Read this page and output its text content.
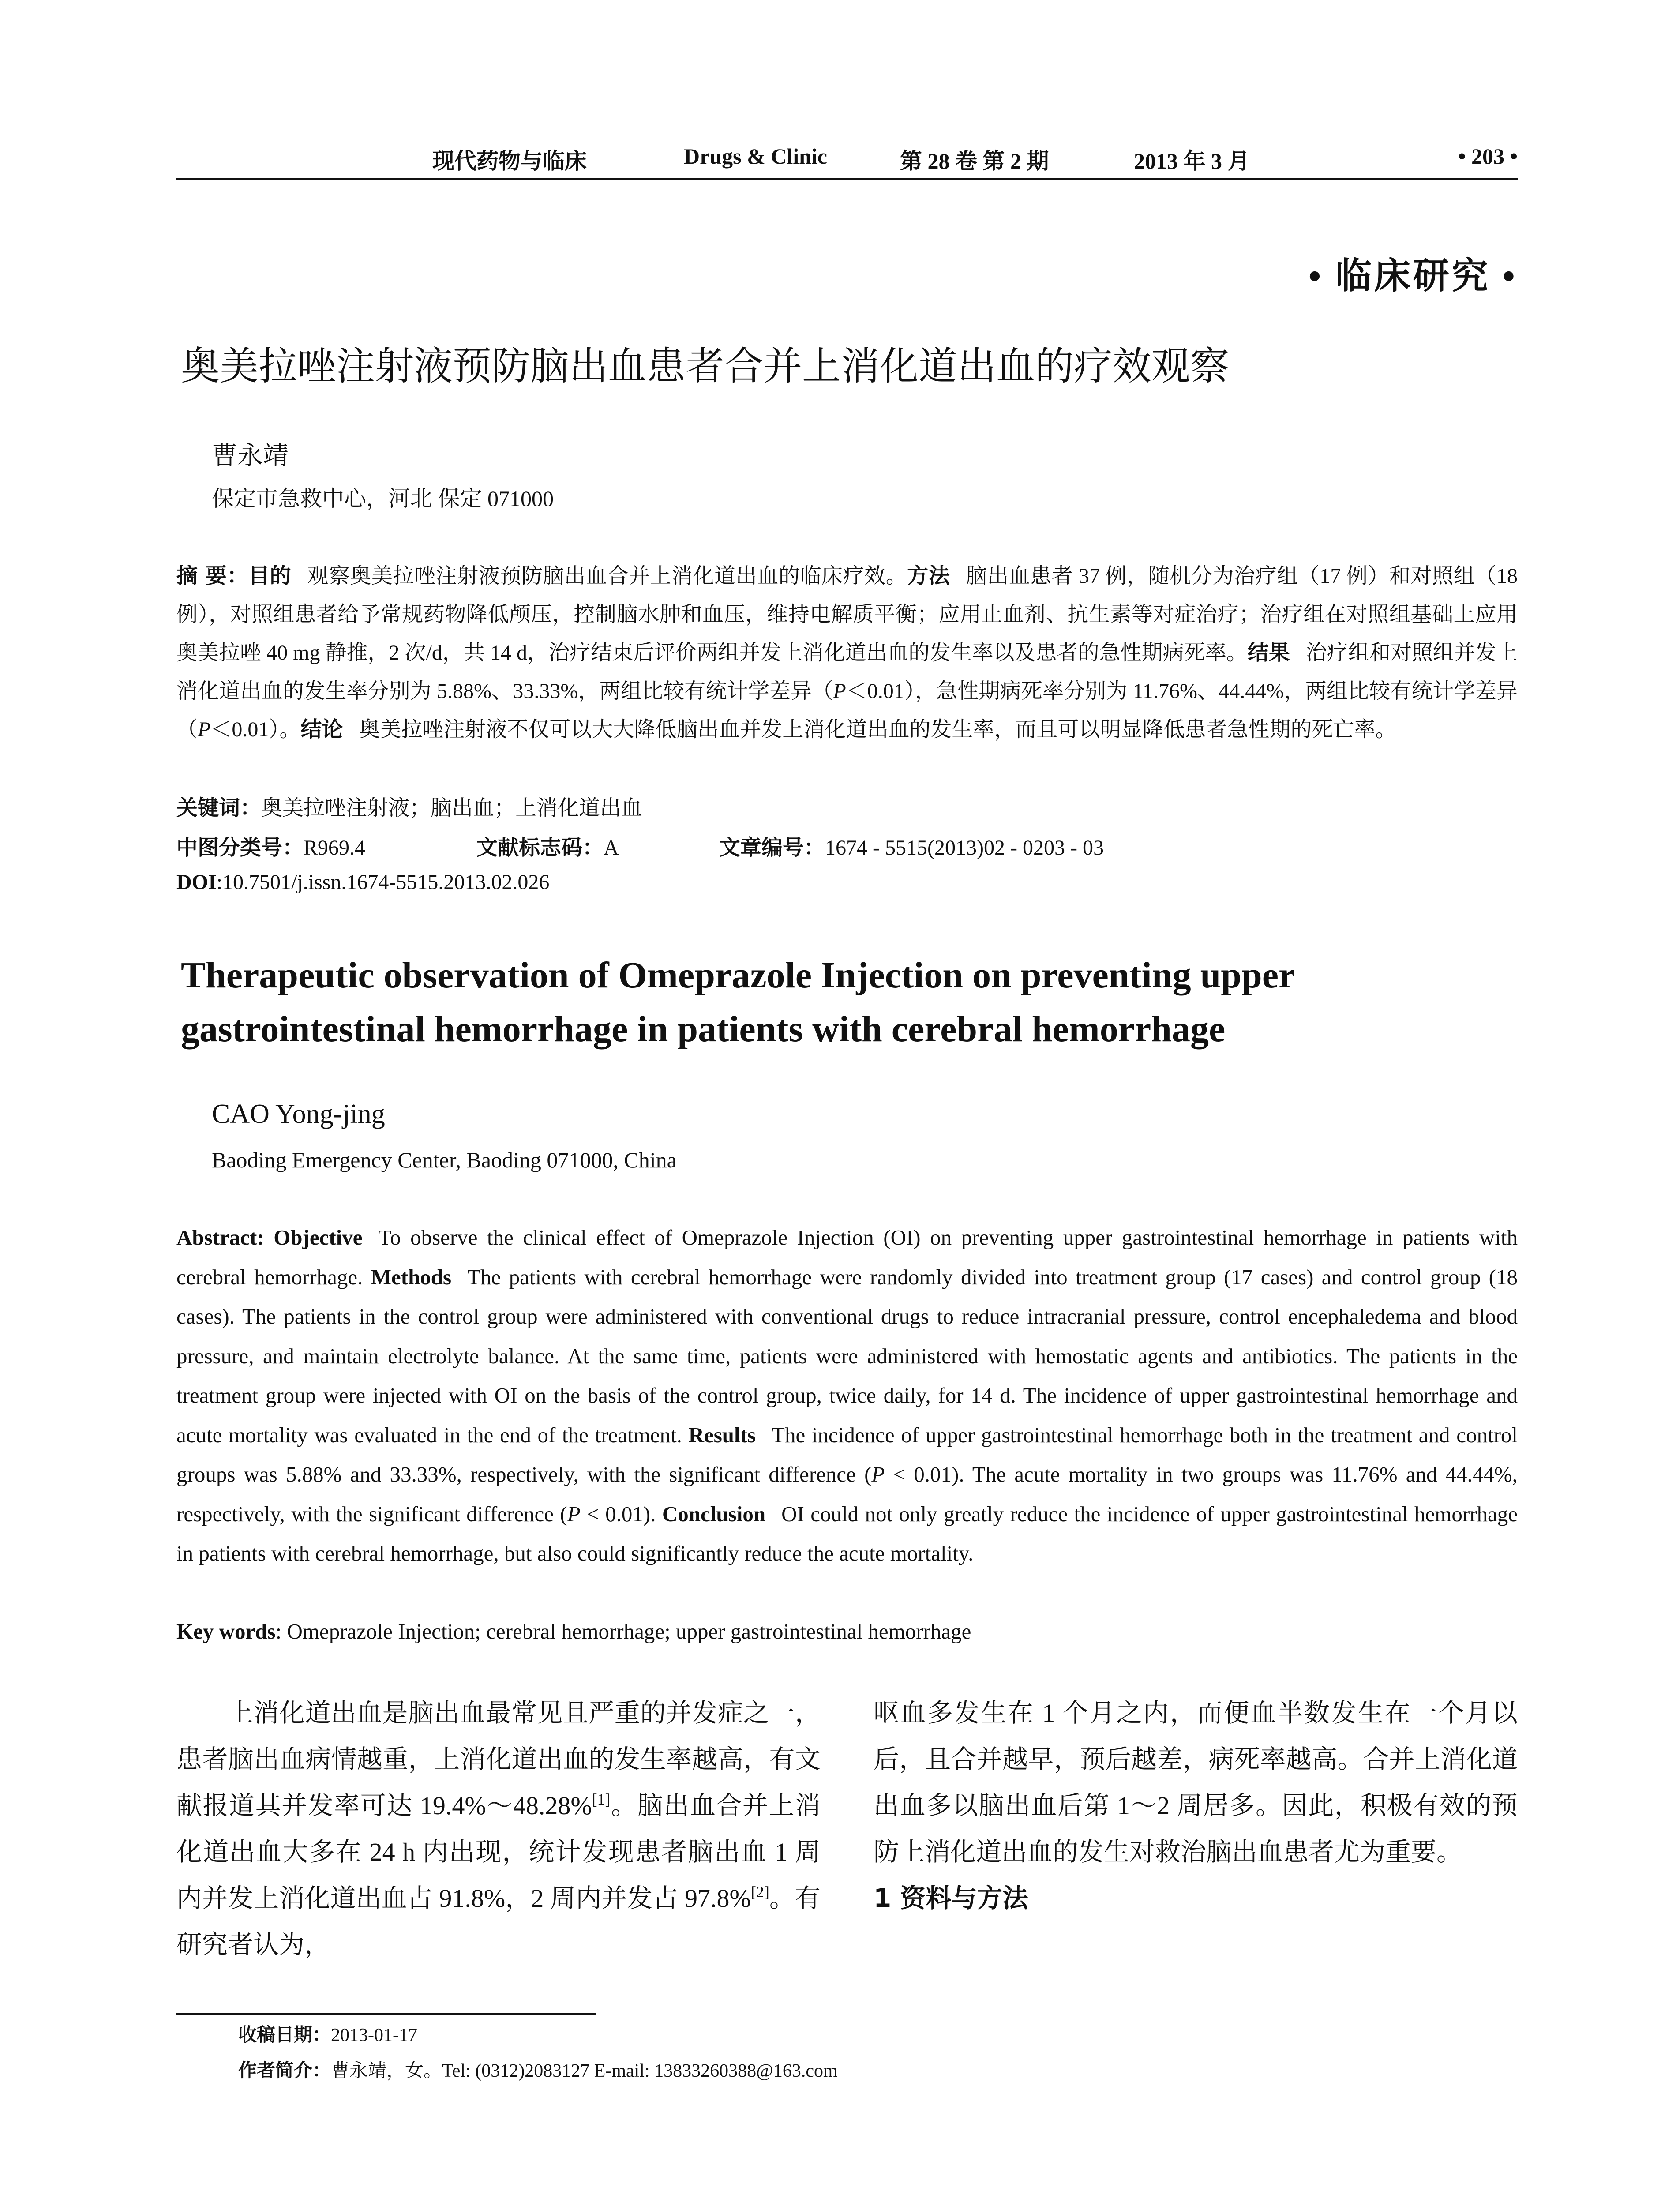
现代药物与临床	Drugs & Clinic	第 28 卷 第 2 期	2013 年 3 月	• 203 •
• 临床研究 •
奥美拉唑注射液预防脑出血患者合并上消化道出血的疗效观察
曹永靖
保定市急救中心，河北 保定 071000
摘 要：目的 观察奥美拉唑注射液预防脑出血合并上消化道出血的临床疗效。方法 脑出血患者 37 例，随机分为治疗组（17 例）和对照组（18 例），对照组患者给予常规药物降低颅压，控制脑水肿和血压，维持电解质平衡；应用止血剂、抗生素等对症治疗；治疗组在对照组基础上应用奥美拉唑 40 mg 静推，2 次/d，共 14 d，治疗结束后评价两组并发上消化道出血的发生率以及患者的急性期病死率。结果 治疗组和对照组并发上消化道出血的发生率分别为 5.88%、33.33%，两组比较有统计学差异（P＜0.01），急性期病死率分别为 11.76%、44.44%，两组比较有统计学差异（P＜0.01）。结论 奥美拉唑注射液不仅可以大大降低脑出血并发上消化道出血的发生率，而且可以明显降低患者急性期的死亡率。
关键词：奥美拉唑注射液；脑出血；上消化道出血
中图分类号：R969.4	文献标志码：A	文章编号：1674 - 5515(2013)02 - 0203 - 03
DOI:10.7501/j.issn.1674-5515.2013.02.026
Therapeutic observation of Omeprazole Injection on preventing upper gastrointestinal hemorrhage in patients with cerebral hemorrhage
CAO Yong-jing
Baoding Emergency Center, Baoding 071000, China
Abstract: Objective To observe the clinical effect of Omeprazole Injection (OI) on preventing upper gastrointestinal hemorrhage in patients with cerebral hemorrhage. Methods The patients with cerebral hemorrhage were randomly divided into treatment group (17 cases) and control group (18 cases). The patients in the control group were administered with conventional drugs to reduce intracranial pressure, control encephaledema and blood pressure, and maintain electrolyte balance. At the same time, patients were administered with hemostatic agents and antibiotics. The patients in the treatment group were injected with OI on the basis of the control group, twice daily, for 14 d. The incidence of upper gastrointestinal hemorrhage and acute mortality was evaluated in the end of the treatment. Results The incidence of upper gastrointestinal hemorrhage both in the treatment and control groups was 5.88% and 33.33%, respectively, with the significant difference (P < 0.01). The acute mortality in two groups was 11.76% and 44.44%, respectively, with the significant difference (P < 0.01). Conclusion OI could not only greatly reduce the incidence of upper gastrointestinal hemorrhage in patients with cerebral hemorrhage, but also could significantly reduce the acute mortality.
Key words: Omeprazole Injection; cerebral hemorrhage; upper gastrointestinal hemorrhage
上消化道出血是脑出血最常见且严重的并发症之一，患者脑出血病情越重，上消化道出血的发生率越高，有文献报道其并发率可达 19.4%～48.28%[1]。脑出血合并上消化道出血大多在 24 h 内出现，统计发现患者脑出血 1 周内并发上消化道出血占 91.8%，2 周内并发占 97.8%[2]。有研究者认为，
呕血多发生在 1 个月之内，而便血半数发生在一个月以后，且合并越早，预后越差，病死率越高。合并上消化道出血多以脑出血后第 1～2 周居多。因此，积极有效的预防上消化道出血的发生对救治脑出血患者尤为重要。
1 资料与方法
收稿日期：2013-01-17
作者简介：曹永靖，女。Tel: (0312)2083127 E-mail: 13833260388@163.com
